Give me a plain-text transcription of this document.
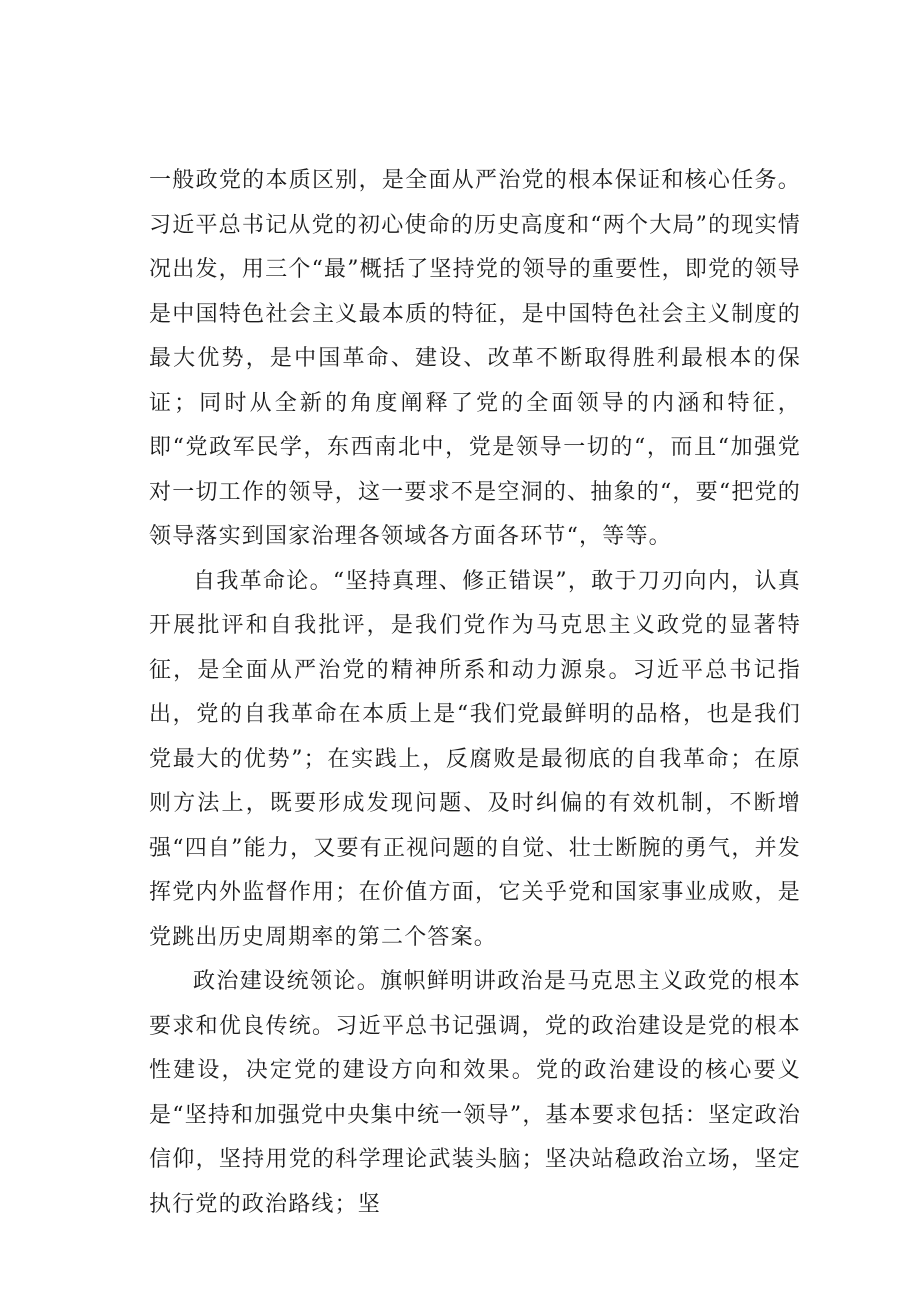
一般政党的本质区别，是全面从严治党的根本保证和核心任务。习近平总书记从党的初心使命的历史高度和“两个大局”的现实情况出发，用三个“最”概括了坚持党的领导的重要性，即党的领导是中国特色社会主义最本质的特征，是中国特色社会主义制度的最大优势，是中国革命、建设、改革不断取得胜利最根本的保证；同时从全新的角度阐释了党的全面领导的内涵和特征，即“党政军民学，东西南北中，党是领导一切的“，而且“加强党对一切工作的领导，这一要求不是空洞的、抽象的“，要“把党的领导落实到国家治理各领域各方面各环节“，等等。

自我革命论。“坚持真理、修正错误”，敢于刀刃向内，认真开展批评和自我批评，是我们党作为马克思主义政党的显著特征，是全面从严治党的精神所系和动力源泉。习近平总书记指出，党的自我革命在本质上是“我们党最鲜明的品格，也是我们党最大的优势”；在实践上，反腐败是最彻底的自我革命；在原则方法上，既要形成发现问题、及时纠偏的有效机制，不断增强“四自”能力，又要有正视问题的自觉、壮士断腕的勇气，并发挥党内外监督作用；在价值方面，它关乎党和国家事业成败，是党跳出历史周期率的第二个答案。

政治建设统领论。旗帜鲜明讲政治是马克思主义政党的根本要求和优良传统。习近平总书记强调，党的政治建设是党的根本性建设，决定党的建设方向和效果。党的政治建设的核心要义是“坚持和加强党中央集中统一领导”，基本要求包括：坚定政治信仰，坚持用党的科学理论武装头脑；坚决站稳政治立场，坚定执行党的政治路线；坚
